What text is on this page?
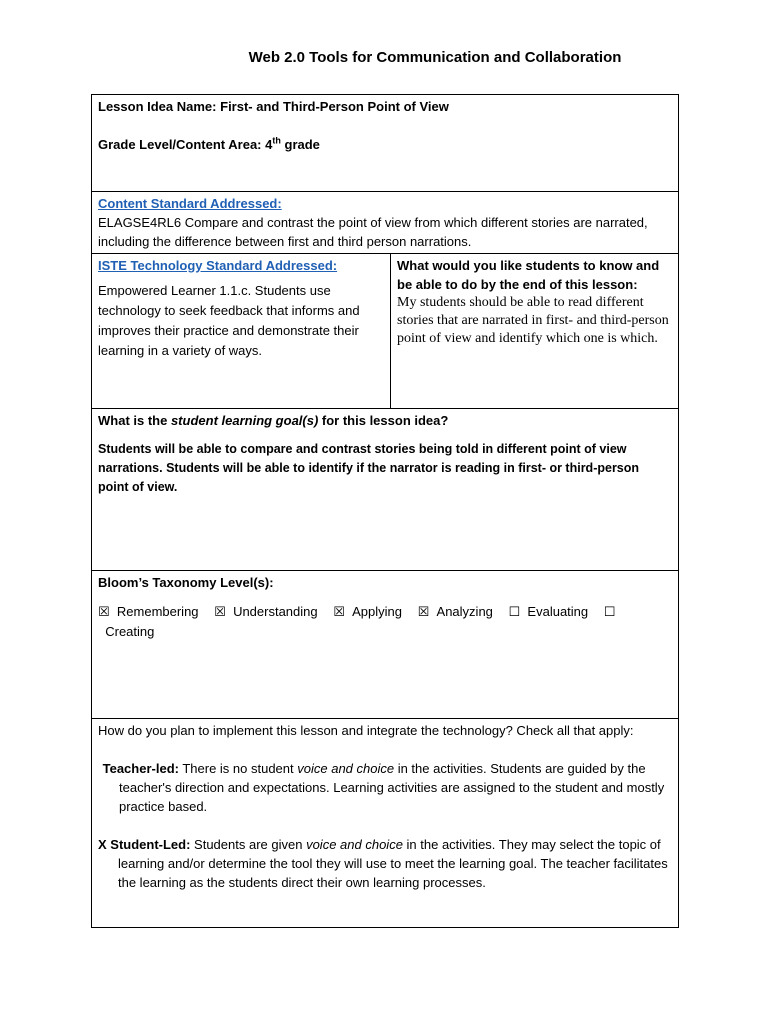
Web 2.0 Tools for Communication and Collaboration
Lesson Idea Name: First- and Third-Person Point of View
Grade Level/Content Area: 4th grade

Content Standard Addressed:
ELAGSE4RL6 Compare and contrast the point of view from which different stories are narrated, including the difference between first and third person narrations.

ISTE Technology Standard Addressed:
Empowered Learner 1.1.c. Students use technology to seek feedback that informs and improves their practice and demonstrate their learning in a variety of ways.

What would you like students to know and be able to do by the end of this lesson:
My students should be able to read different stories that are narrated in first- and third-person point of view and identify which one is which.

What is the student learning goal(s) for this lesson idea?
Students will be able to compare and contrast stories being told in different point of view narrations. Students will be able to identify if the narrator is reading in first- or third-person point of view.

Bloom’s Taxonomy Level(s):
☒ Remembering ☒ Understanding ☒ Applying ☒ Analyzing ☐ Evaluating ☐  Creating

How do you plan to implement this lesson and integrate the technology? Check all that apply:
Teacher-led: There is no student voice and choice in the activities. Students are guided by the teacher's direction and expectations. Learning activities are assigned to the student and mostly practice based.
X Student-Led: Students are given voice and choice in the activities. They may select the topic of learning and/or determine the tool they will use to meet the learning goal. The teacher facilitates the learning as the students direct their own learning processes.
